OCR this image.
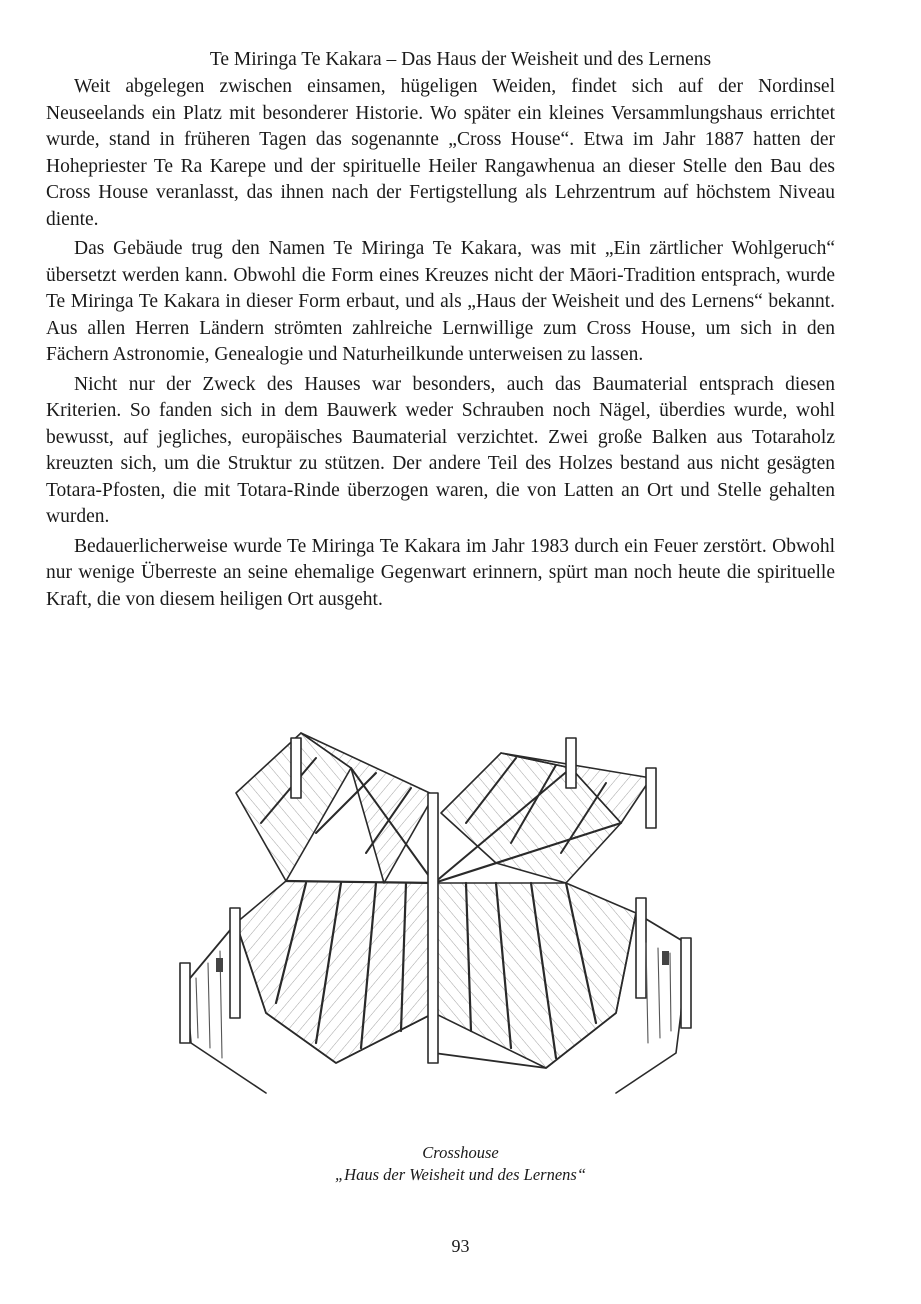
Te Miringa Te Kakara – Das Haus der Weisheit und des Lernens

Weit abgelegen zwischen einsamen, hügeligen Weiden, findet sich auf der Nordinsel Neuseelands ein Platz mit besonderer Historie. Wo später ein kleines Versammlungshaus errichtet wurde, stand in früheren Tagen das sogenannte „Cross House“. Etwa im Jahr 1887 hatten der Hohepriester Te Ra Karepe und der spirituelle Heiler Rangawhenua an dieser Stelle den Bau des Cross House veranlasst, das ihnen nach der Fertigstellung als Lehrzentrum auf höchstem Niveau diente.

Das Gebäude trug den Namen Te Miringa Te Kakara, was mit „Ein zärtlicher Wohlgeruch“ übersetzt werden kann. Obwohl die Form eines Kreuzes nicht der Māori-Tradition entsprach, wurde Te Miringa Te Kakara in dieser Form erbaut, und als „Haus der Weisheit und des Lernens“ bekannt. Aus allen Herren Ländern strömten zahlreiche Lernwillige zum Cross House, um sich in den Fächern Astronomie, Genealogie und Naturheilkunde unterweisen zu lassen.

Nicht nur der Zweck des Hauses war besonders, auch das Baumaterial entsprach diesen Kriterien. So fanden sich in dem Bauwerk weder Schrauben noch Nägel, überdies wurde, wohl bewusst, auf jegliches, europäisches Baumaterial verzichtet. Zwei große Balken aus Totaraholz kreuzten sich, um die Struktur zu stützen. Der andere Teil des Holzes bestand aus nicht gesägten Totara-Pfosten, die mit Totara-Rinde überzogen waren, die von Latten an Ort und Stelle gehalten wurden.

Bedauerlicherweise wurde Te Miringa Te Kakara im Jahr 1983 durch ein Feuer zerstört. Obwohl nur wenige Überreste an seine ehemalige Gegenwart erinnern, spürt man noch heute die spirituelle Kraft, die von diesem heiligen Ort ausgeht.

Crosshouse
„Haus der Weisheit und des Lernens“
93
